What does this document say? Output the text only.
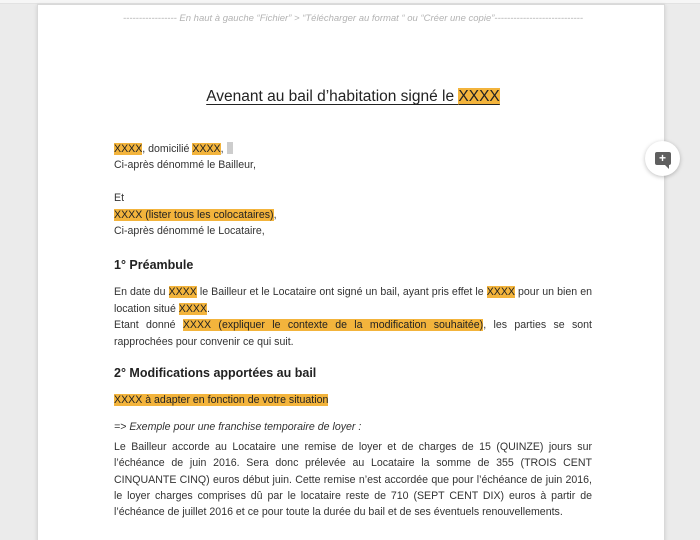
----------------- En haut à gauche “Fichier” > “Télécharger au format “ ou “Créer une copie”----------------------------
Avenant au bail d’habitation signé le XXXX

XXXX, domicilié XXXX,

Ci-après dénommé le Bailleur,

Et

XXXX (lister tous les colocataires),

Ci-après dénommé le Locataire,

1° Préambule

En date du XXXX le Bailleur et le Locataire ont signé un bail, ayant pris effet le XXXX pour un bien en location situé XXXX.

Etant donné XXXX (expliquer le contexte de la modification souhaitée), les parties se sont rapprochées pour convenir ce qui suit.

2° Modifications apportées au bail

XXXX à adapter en fonction de votre situation

=> Exemple pour une franchise temporaire de loyer :

Le Bailleur accorde au Locataire une remise de loyer et de charges de 15 (QUINZE) jours sur l’échéance de juin 2016. Sera donc prélevée au Locataire la somme de 355 (TROIS CENT CINQUANTE CINQ) euros début juin. Cette remise n’est accordée que pour l’échéance de juin 2016, le loyer charges comprises dû par le locataire reste de 710 (SEPT CENT DIX) euros à partir de l’échéance de juillet 2016 et ce pour toute la durée du bail et de ses éventuels renouvellements.

+
